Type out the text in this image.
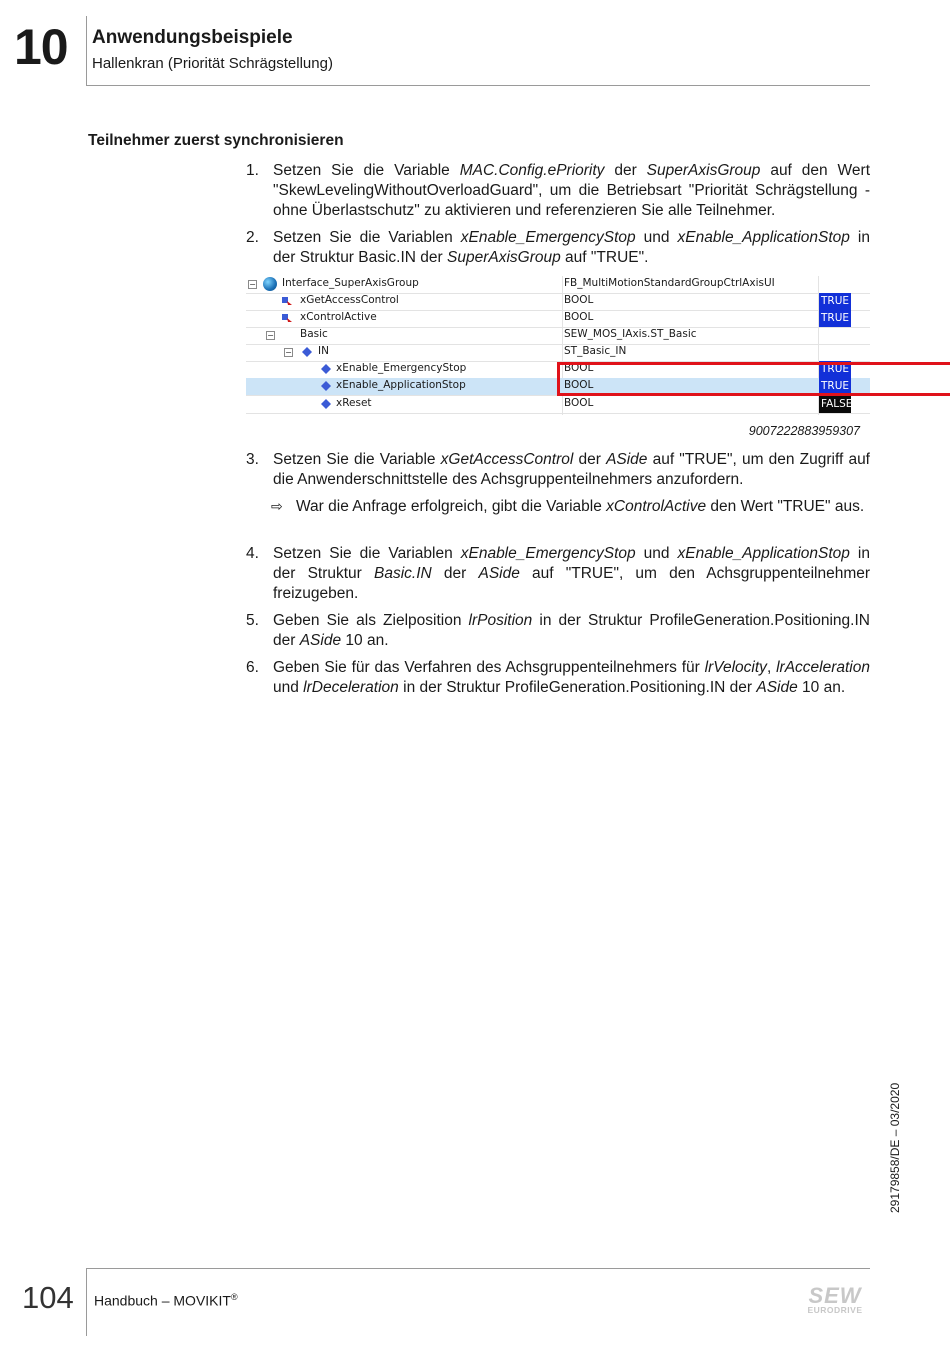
10 Anwendungsbeispiele
Hallenkran (Priorität Schrägstellung)
Teilnehmer zuerst synchronisieren
1. Setzen Sie die Variable MAC.Config.ePriority der SuperAxisGroup auf den Wert "SkewLevelingWithoutOverloadGuard", um die Betriebsart "Priorität Schrägstellung - ohne Überlastschutz" zu aktivieren und referenzieren Sie alle Teilnehmer.
2. Setzen Sie die Variablen xEnable_EmergencyStop und xEnable_ApplicationStop in der Struktur Basic.IN der SuperAxisGroup auf "TRUE".
− Interface_SuperAxisGroup	FB_MultiMotionStandardGroupCtrlAxisUI
xGetAccessControl	BOOL	TRUE
xControlActive	BOOL	TRUE
− Basic	SEW_MOS_IAxis.ST_Basic
− IN	ST_Basic_IN
xEnable_EmergencyStop	BOOL	TRUE
xEnable_ApplicationStop	BOOL	TRUE
xReset	BOOL	FALSE
9007222883959307
3. Setzen Sie die Variable xGetAccessControl der ASide auf "TRUE", um den Zugriff auf die Anwenderschnittstelle des Achsgruppenteilnehmers anzufordern.
⇨ War die Anfrage erfolgreich, gibt die Variable xControlActive den Wert "TRUE" aus.
4. Setzen Sie die Variablen xEnable_EmergencyStop und xEnable_ApplicationStop in der Struktur Basic.IN der ASide auf "TRUE", um den Achsgruppenteilnehmer freizugeben.
5. Geben Sie als Zielposition lrPosition in der Struktur ProfileGeneration.Positioning.IN der ASide 10 an.
6. Geben Sie für das Verfahren des Achsgruppenteilnehmers für lrVelocity, lrAcceleration und lrDeceleration in der Struktur ProfileGeneration.Positioning.IN der ASide 10 an.
29179858/DE – 03/2020
104 Handbuch – MOVIKIT®	SEW
EURODRIVE
